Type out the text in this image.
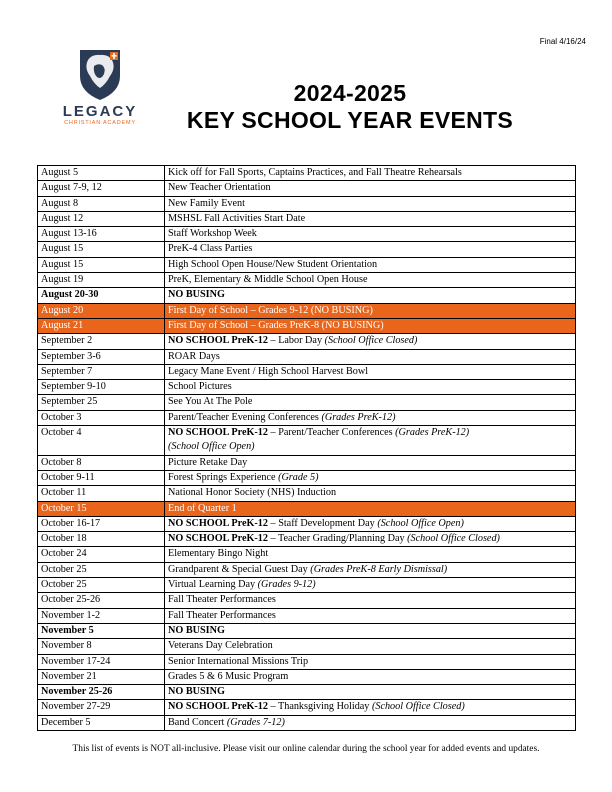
Final 4/16/24
LEGACY
CHRISTIAN ACADEMY
2024-2025
KEY SCHOOL YEAR EVENTS
August 5	Kick off for Fall Sports, Captains Practices, and Fall Theatre Rehearsals
August 7-9, 12	New Teacher Orientation
August 8	New Family Event
August 12	MSHSL Fall Activities Start Date
August 13-16	Staff Workshop Week
August 15	PreK-4 Class Parties
August 15	High School Open House/New Student Orientation
August 19	PreK, Elementary & Middle School Open House
August 20-30	NO BUSING
August 20	First Day of School – Grades 9-12 (NO BUSING)
August 21	First Day of School – Grades PreK-8 (NO BUSING)
September 2	NO SCHOOL PreK-12 – Labor Day (School Office Closed)
September 3-6	ROAR Days
September 7	Legacy Mane Event / High School Harvest Bowl
September 9-10	School Pictures
September 25	See You At The Pole
October 3	Parent/Teacher Evening Conferences (Grades PreK-12)
October 4	NO SCHOOL PreK-12 – Parent/Teacher Conferences (Grades PreK-12)
(School Office Open)
October 8	Picture Retake Day
October 9-11	Forest Springs Experience (Grade 5)
October 11	National Honor Society (NHS) Induction
October 15	End of Quarter 1
October 16-17	NO SCHOOL PreK-12 – Staff Development Day (School Office Open)
October 18	NO SCHOOL PreK-12 – Teacher Grading/Planning Day (School Office Closed)
October 24	Elementary Bingo Night
October 25	Grandparent & Special Guest Day (Grades PreK-8 Early Dismissal)
October 25	Virtual Learning Day (Grades 9-12)
October 25-26	Fall Theater Performances
November 1-2	Fall Theater Performances
November 5	NO BUSING
November 8	Veterans Day Celebration
November 17-24	Senior International Missions Trip
November 21	Grades 5 & 6 Music Program
November 25-26	NO BUSING
November 27-29	NO SCHOOL PreK-12 – Thanksgiving Holiday (School Office Closed)
December 5	Band Concert (Grades 7-12)
This list of events is NOT all-inclusive. Please visit our online calendar during the school year for added events and updates.
